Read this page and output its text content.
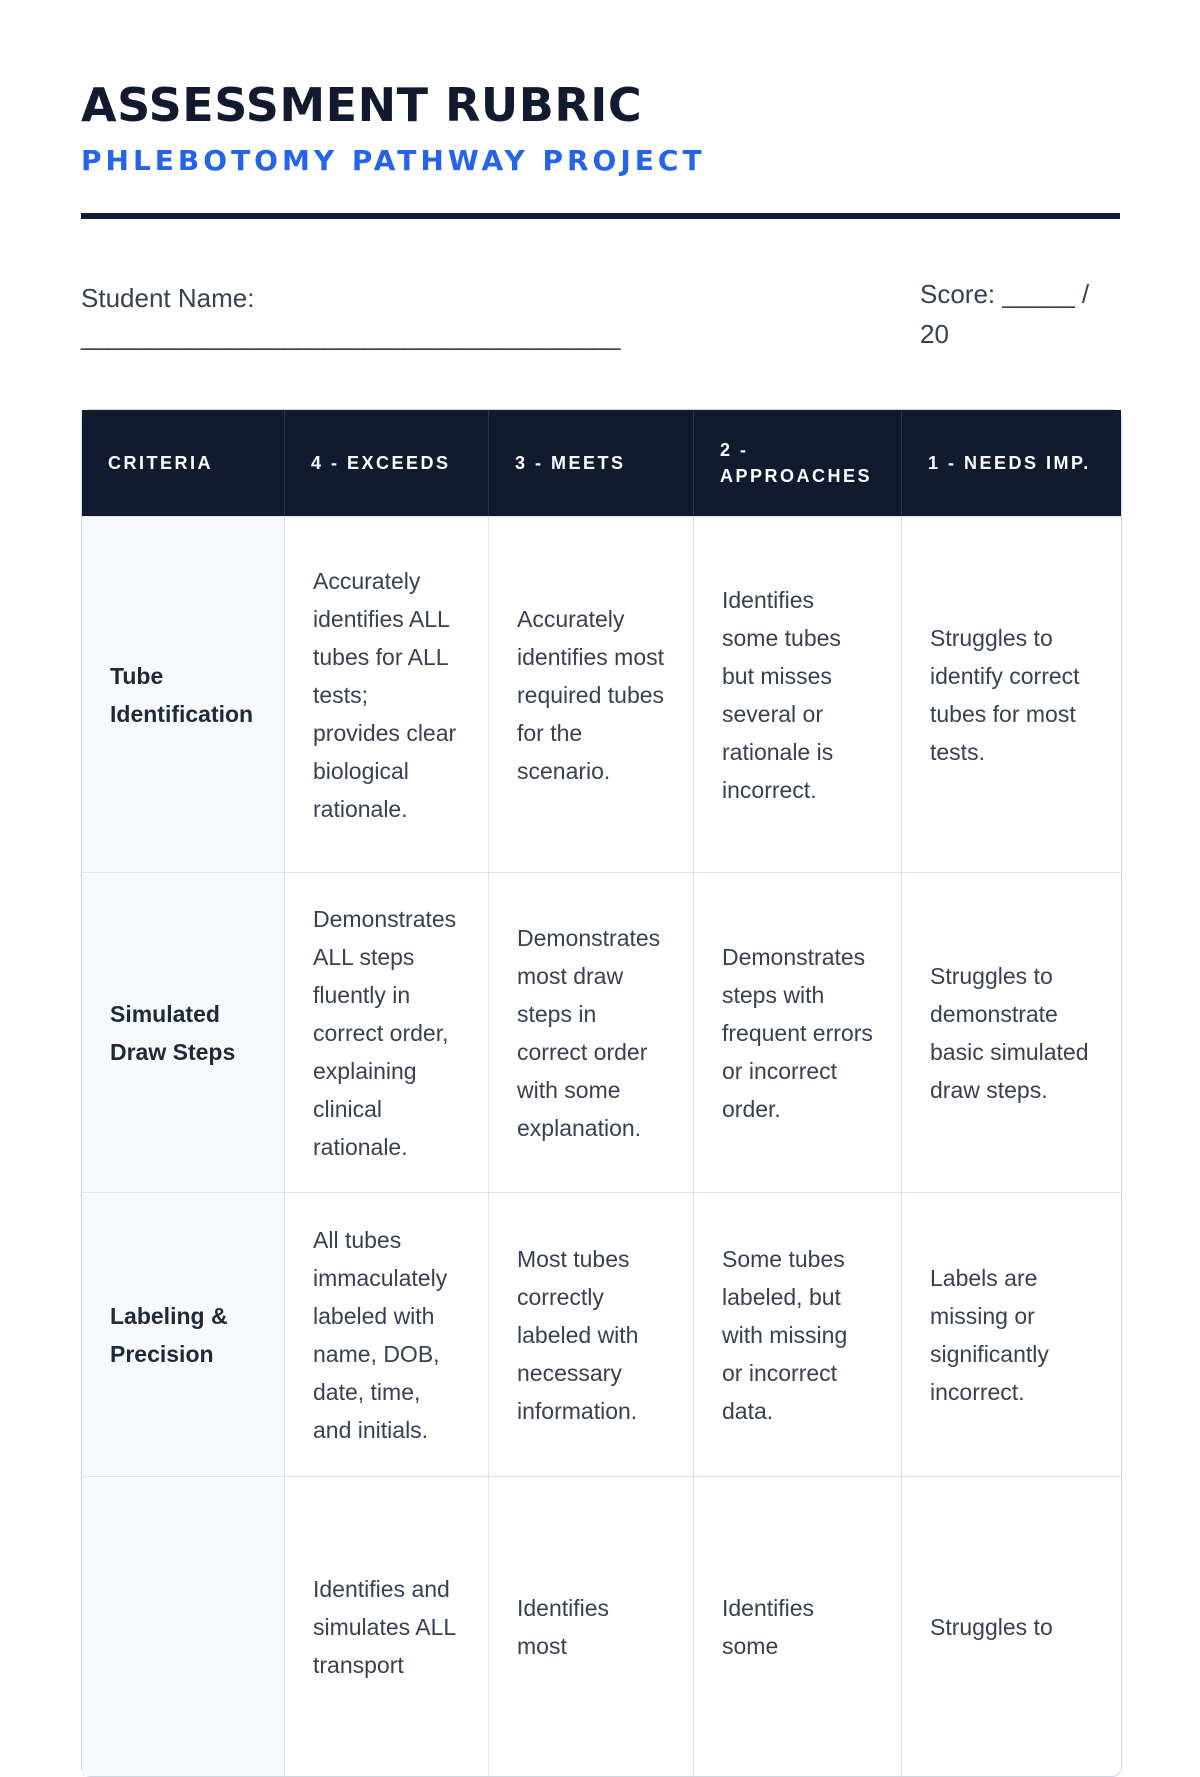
ASSESSMENT RUBRIC
PHLEBOTOMY PATHWAY PROJECT
Student Name:
________________________________________
Score: _____ / 20
CRITERIA	4 - EXCEEDS	3 - MEETS	2 - APPROACHES	1 - NEEDS IMP.
Tube Identification	Accurately identifies ALL tubes for ALL tests; provides clear biological rationale.	Accurately identifies most required tubes for the scenario.	Identifies some tubes but misses several or rationale is incorrect.	Struggles to identify correct tubes for most tests.
Simulated Draw Steps	Demonstrates ALL steps fluently in correct order, explaining clinical rationale.	Demonstrates most draw steps in correct order with some explanation.	Demonstrates steps with frequent errors or incorrect order.	Struggles to demonstrate basic simulated draw steps.
Labeling & Precision	All tubes immaculately labeled with name, DOB, date, time, and initials.	Most tubes correctly labeled with necessary information.	Some tubes labeled, but with missing or incorrect data.	Labels are missing or significantly incorrect.
	Identifies and simulates ALL transport	Identifies most	Identifies some	Struggles to
